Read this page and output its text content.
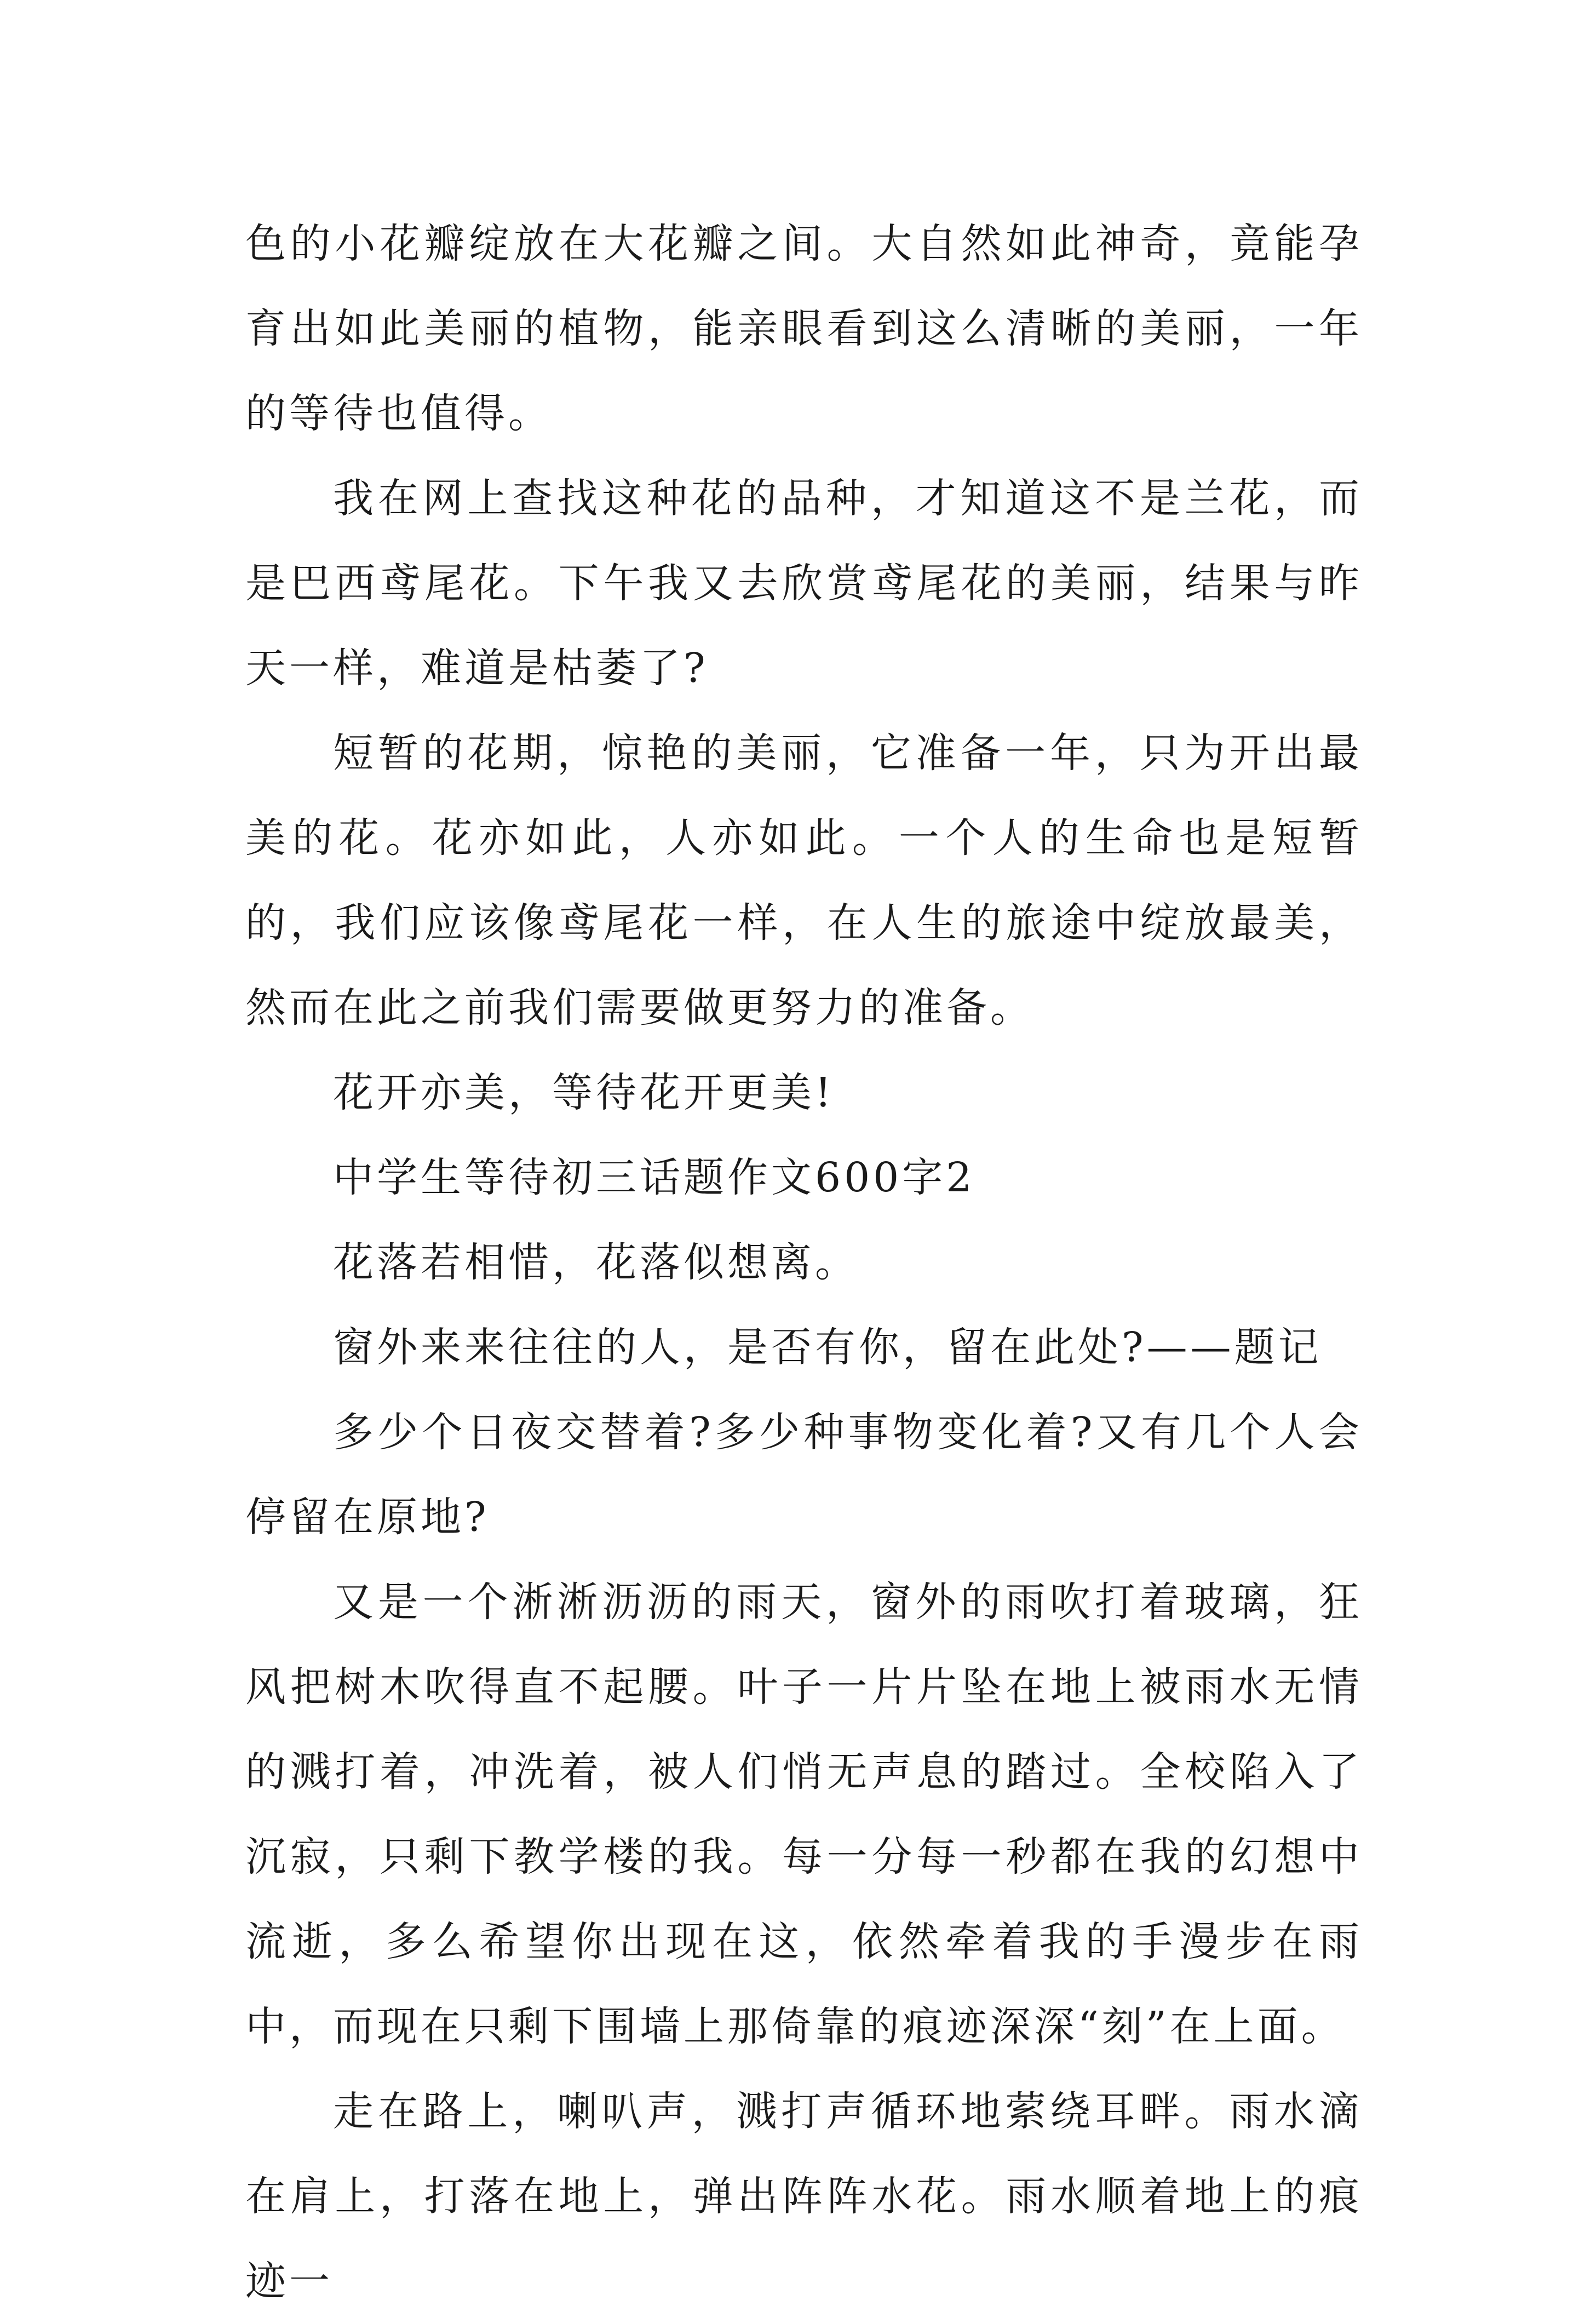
色的小花瓣绽放在大花瓣之间。大自然如此神奇，竟能孕育出如此美丽的植物，能亲眼看到这么清晰的美丽，一年的等待也值得。

我在网上查找这种花的品种，才知道这不是兰花，而是巴西鸢尾花。下午我又去欣赏鸢尾花的美丽，结果与昨天一样，难道是枯萎了?

短暂的花期，惊艳的美丽，它准备一年，只为开出最美的花。花亦如此，人亦如此。一个人的生命也是短暂的，我们应该像鸢尾花一样，在人生的旅途中绽放最美，然而在此之前我们需要做更努力的准备。

花开亦美，等待花开更美!

中学生等待初三话题作文600字2

花落若相惜，花落似想离。

窗外来来往往的人，是否有你，留在此处?——题记

多少个日夜交替着?多少种事物变化着?又有几个人会停留在原地?

又是一个淅淅沥沥的雨天，窗外的雨吹打着玻璃，狂风把树木吹得直不起腰。叶子一片片坠在地上被雨水无情的溅打着，冲洗着，被人们悄无声息的踏过。全校陷入了沉寂，只剩下教学楼的我。每一分每一秒都在我的幻想中流逝，多么希望你出现在这，依然牵着我的手漫步在雨中，而现在只剩下围墙上那倚靠的痕迹深深“刻”在上面。

走在路上，喇叭声，溅打声循环地萦绕耳畔。雨水滴在肩上，打落在地上，弹出阵阵水花。雨水顺着地上的痕迹一
